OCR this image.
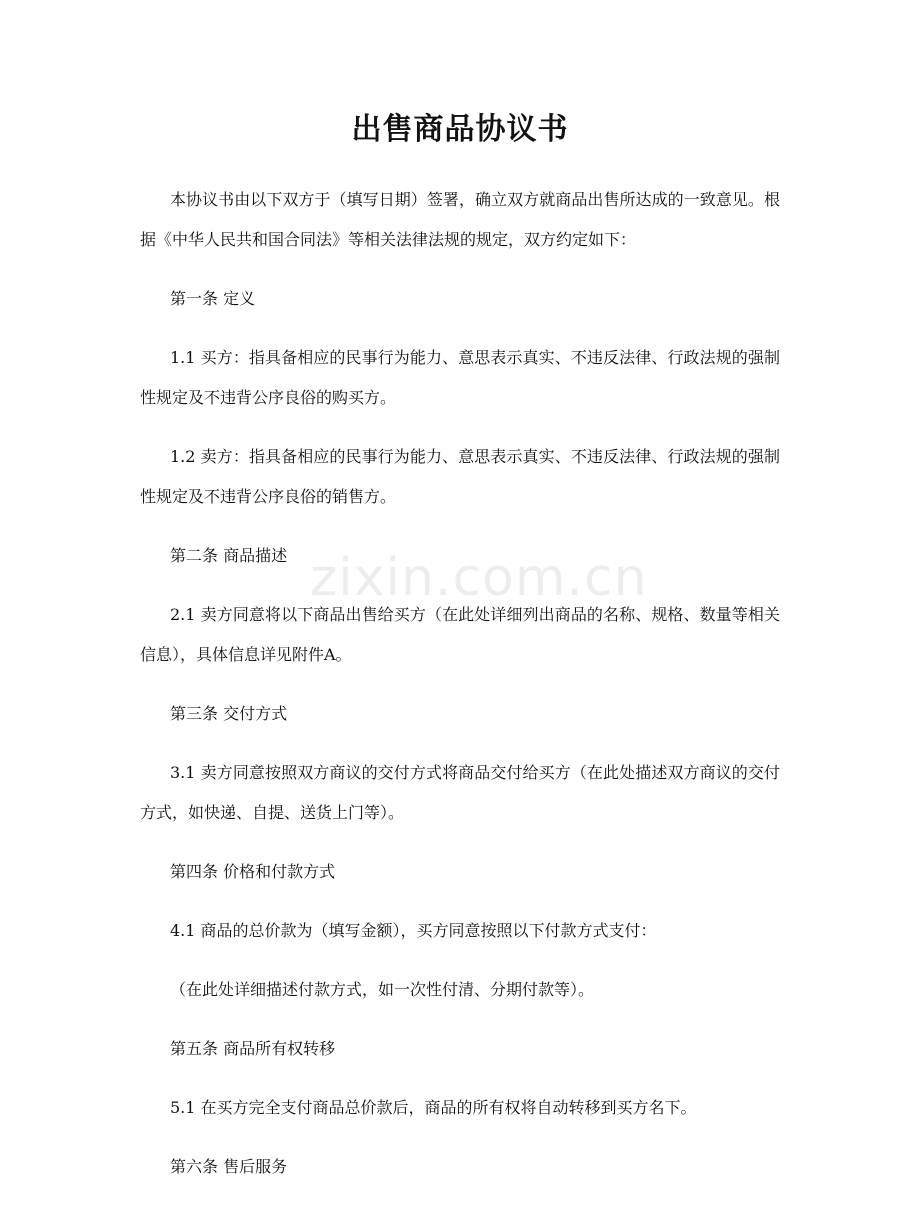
出售商品协议书

本协议书由以下双方于（填写日期）签署，确立双方就商品出售所达成的一致意见。根据《中华人民共和国合同法》等相关法律法规的规定，双方约定如下：

第一条 定义

1.1 买方：指具备相应的民事行为能力、意思表示真实、不违反法律、行政法规的强制性规定及不违背公序良俗的购买方。

1.2 卖方：指具备相应的民事行为能力、意思表示真实、不违反法律、行政法规的强制性规定及不违背公序良俗的销售方。

第二条 商品描述

2.1 卖方同意将以下商品出售给买方（在此处详细列出商品的名称、规格、数量等相关信息），具体信息详见附件A。

第三条 交付方式

3.1 卖方同意按照双方商议的交付方式将商品交付给买方（在此处描述双方商议的交付方式，如快递、自提、送货上门等）。

第四条 价格和付款方式

4.1 商品的总价款为（填写金额），买方同意按照以下付款方式支付：

（在此处详细描述付款方式，如一次性付清、分期付款等）。

第五条 商品所有权转移

5.1 在买方完全支付商品总价款后，商品的所有权将自动转移到买方名下。

第六条 售后服务

zixin.com.cn
